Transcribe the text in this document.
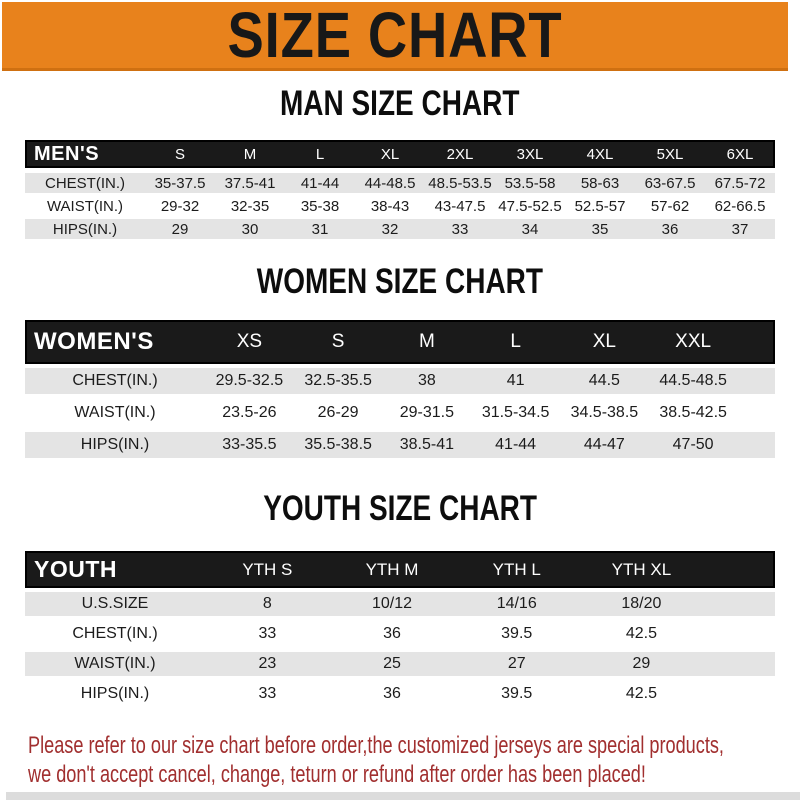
SIZE CHART
MAN SIZE CHART
MEN'S	S	M	L	XL	2XL	3XL	4XL	5XL	6XL
CHEST(IN.)	35-37.5	37.5-41	41-44	44-48.5 48.5-53.5 53.5-58	58-63	63-67.5	67.5-72
WAIST(IN.)	29-32	32-35	35-38	38-43	43-47.5 47.5-52.5 52.5-57	57-62	62-66.5
HIPS(IN.)	29	30	31	32	33	34	35	36	37
WOMEN SIZE CHART
WOMEN'S	XS	S	M	L	XL	XXL
CHEST(IN.)	29.5-32.5	32.5-35.5	38	41	44.5	44.5-48.5
WAIST(IN.)	23.5-26	26-29	29-31.5	31.5-34.5	34.5-38.5	38.5-42.5
HIPS(IN.)	33-35.5	35.5-38.5	38.5-41	41-44	44-47	47-50
YOUTH SIZE CHART
YOUTH	YTH S	YTH M	YTH L	YTH XL
U.S.SIZE	8	10/12	14/16	18/20
CHEST(IN.)	33	36	39.5	42.5
WAIST(IN.)	23	25	27	29
HIPS(IN.)	33	36	39.5	42.5

Please refer to our size chart before order,the customized jerseys are special products,

we don't accept cancel, change, teturn or refund after order has been placed!
